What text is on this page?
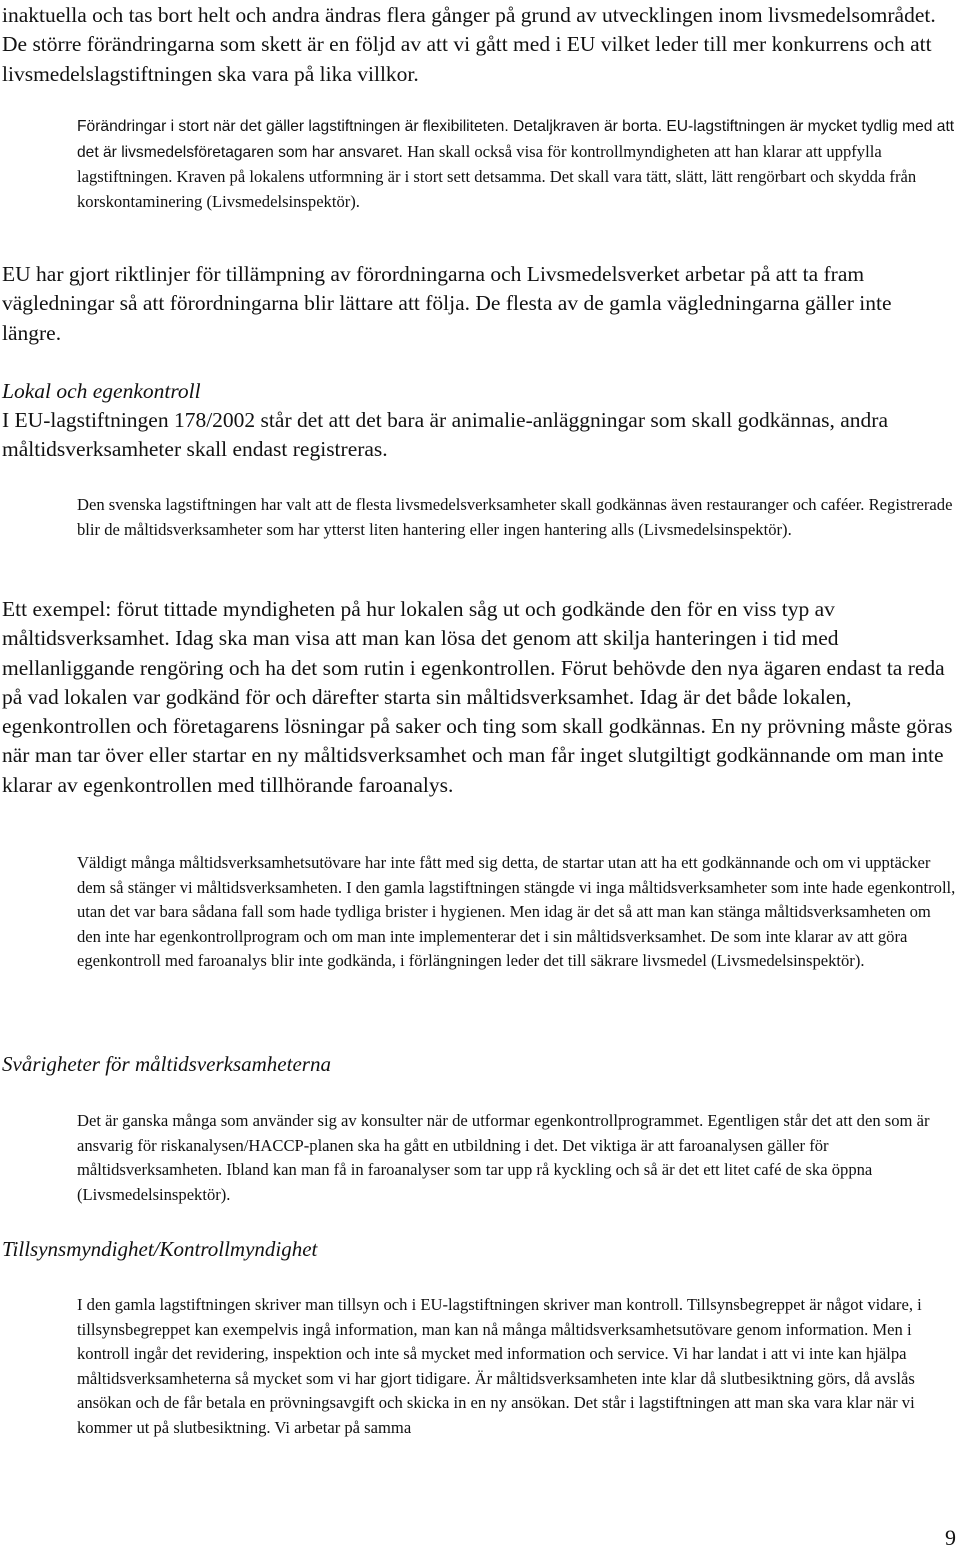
inaktuella och tas bort helt och andra ändras flera gånger på grund av utvecklingen inom livsmedelsområdet. De större förändringarna som skett är en följd av att vi gått med i EU vilket leder till mer konkurrens och att livsmedelslagstiftningen ska vara på lika villkor.

Förändringar i stort när det gäller lagstiftningen är flexibiliteten. Detaljkraven är borta. EU-lagstiftningen är mycket tydlig med att det är livsmedelsföretagaren som har ansvaret. Han skall också visa för kontrollmyndigheten att han klarar att uppfylla lagstiftningen. Kraven på lokalens utformning är i stort sett detsamma. Det skall vara tätt, slätt, lätt rengörbart och skydda från korskontaminering (Livsmedelsinspektör).

EU har gjort riktlinjer för tillämpning av förordningarna och Livsmedelsverket arbetar på att ta fram vägledningar så att förordningarna blir lättare att följa. De flesta av de gamla vägledningarna gäller inte längre.

Lokal och egenkontroll

I EU-lagstiftningen 178/2002 står det att det bara är animalie-anläggningar som skall godkännas, andra måltidsverksamheter skall endast registreras.

Den svenska lagstiftningen har valt att de flesta livsmedelsverksamheter skall godkännas även restauranger och caféer. Registrerade blir de måltidsverksamheter som har ytterst liten hantering eller ingen hantering alls (Livsmedelsinspektör).

Ett exempel: förut tittade myndigheten på hur lokalen såg ut och godkände den för en viss typ av måltidsverksamhet. Idag ska man visa att man kan lösa det genom att skilja hanteringen i tid med mellanliggande rengöring och ha det som rutin i egenkontrollen. Förut behövde den nya ägaren endast ta reda på vad lokalen var godkänd för och därefter starta sin måltidsverksamhet. Idag är det både lokalen, egenkontrollen och företagarens lösningar på saker och ting som skall godkännas. En ny prövning måste göras när man tar över eller startar en ny måltidsverksamhet och man får inget slutgiltigt godkännande om man inte klarar av egenkontrollen med tillhörande faroanalys.

Väldigt många måltidsverksamhetsutövare har inte fått med sig detta, de startar utan att ha ett godkännande och om vi upptäcker dem så stänger vi måltidsverksamheten. I den gamla lagstiftningen stängde vi inga måltidsverksamheter som inte hade egenkontroll, utan det var bara sådana fall som hade tydliga brister i hygienen. Men idag är det så att man kan stänga måltidsverksamheten om den inte har egenkontrollprogram och om man inte implementerar det i sin måltidsverksamhet. De som inte klarar av att göra egenkontroll med faroanalys blir inte godkända, i förlängningen leder det till säkrare livsmedel (Livsmedelsinspektör).

Svårigheter för måltidsverksamheterna

Det är ganska många som använder sig av konsulter när de utformar egenkontrollprogrammet. Egentligen står det att den som är ansvarig för riskanalysen/HACCP-planen ska ha gått en utbildning i det. Det viktiga är att faroanalysen gäller för måltidsverksamheten. Ibland kan man få in faroanalyser som tar upp rå kyckling och så är det ett litet café de ska öppna (Livsmedelsinspektör).

Tillsynsmyndighet/Kontrollmyndighet

I den gamla lagstiftningen skriver man tillsyn och i EU-lagstiftningen skriver man kontroll. Tillsynsbegreppet är något vidare, i tillsynsbegreppet kan exempelvis ingå information, man kan nå många måltidsverksamhetsutövare genom information. Men i kontroll ingår det revidering, inspektion och inte så mycket med information och service. Vi har landat i att vi inte kan hjälpa måltidsverksamheterna så mycket som vi har gjort tidigare. Är måltidsverksamheten inte klar då slutbesiktning görs, då avslås ansökan och de får betala en prövningsavgift och skicka in en ny ansökan. Det står i lagstiftningen att man ska vara klar när vi kommer ut på slutbesiktning. Vi arbetar på samma

9
